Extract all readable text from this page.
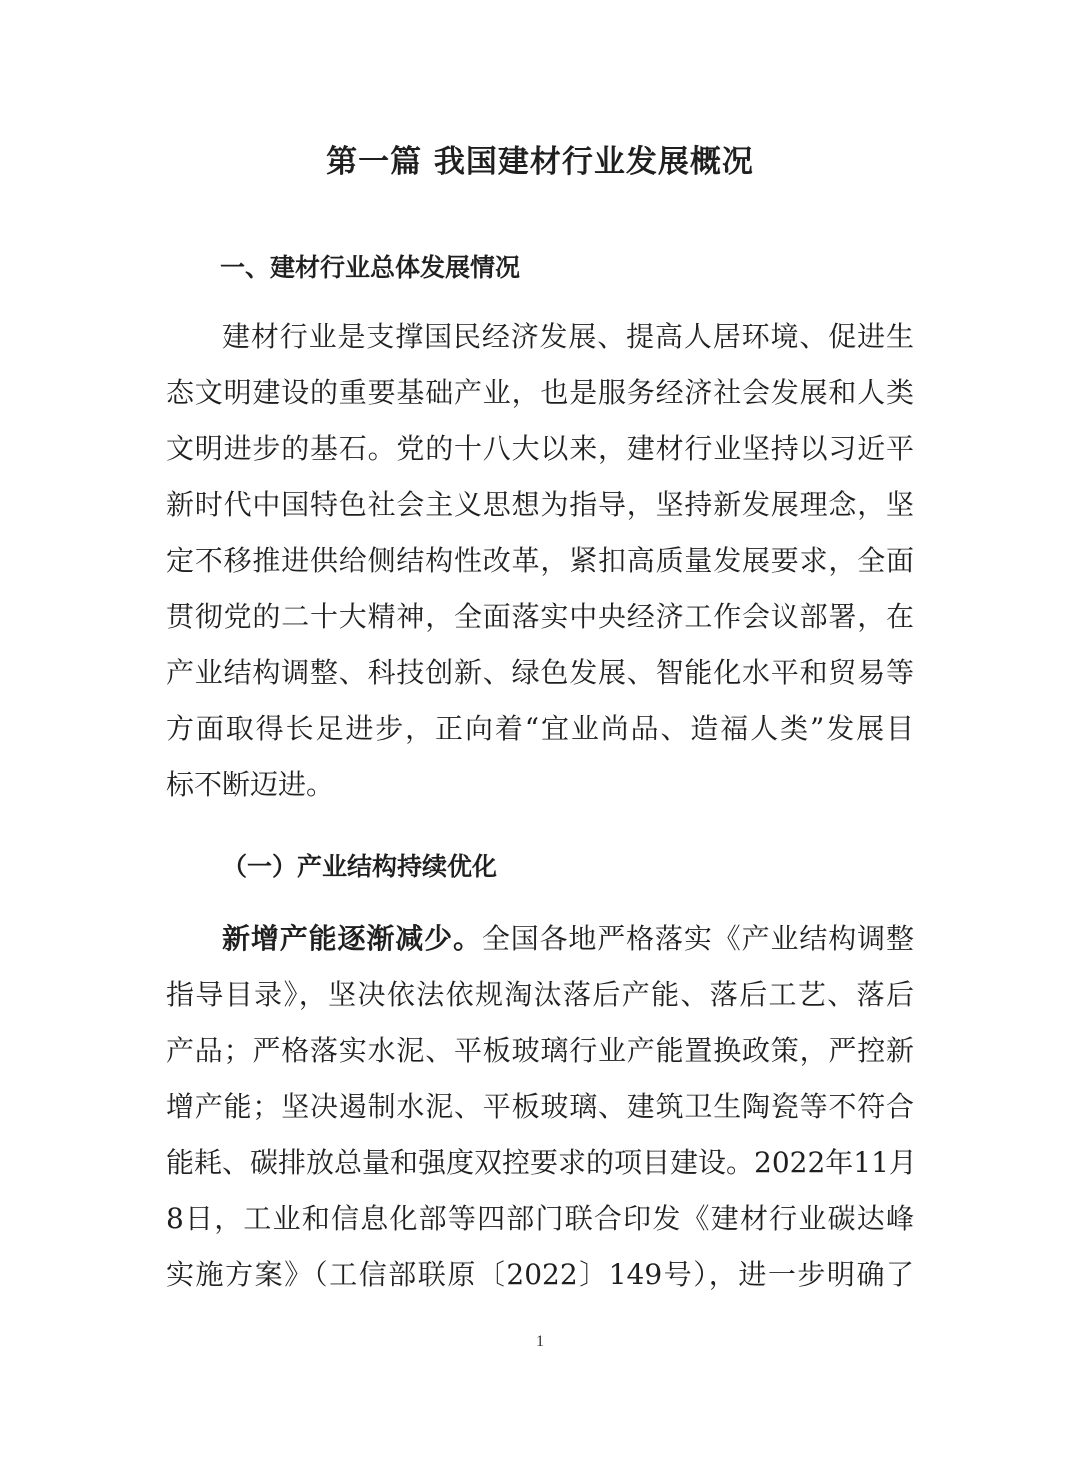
第一篇 我国建材行业发展概况
一、建材行业总体发展情况
建材行业是支撑国民经济发展、提高人居环境、促进生
态文明建设的重要基础产业，也是服务经济社会发展和人类
文明进步的基石。党的十八大以来，建材行业坚持以习近平
新时代中国特色社会主义思想为指导，坚持新发展理念，坚
定不移推进供给侧结构性改革，紧扣高质量发展要求，全面
贯彻党的二十大精神，全面落实中央经济工作会议部署，在
产业结构调整、科技创新、绿色发展、智能化水平和贸易等
方面取得长足进步，正向着“宜业尚品、造福人类”发展目
标不断迈进。
（一）产业结构持续优化
新增产能逐渐减少。全国各地严格落实《产业结构调整
指导目录》，坚决依法依规淘汰落后产能、落后工艺、落后
产品；严格落实水泥、平板玻璃行业产能置换政策，严控新
增产能；坚决遏制水泥、平板玻璃、建筑卫生陶瓷等不符合
能耗、碳排放总量和强度双控要求的项目建设。2022年11月
8日，工业和信息化部等四部门联合印发《建材行业碳达峰
实施方案》（工信部联原〔2022〕149号），进一步明确了
1
